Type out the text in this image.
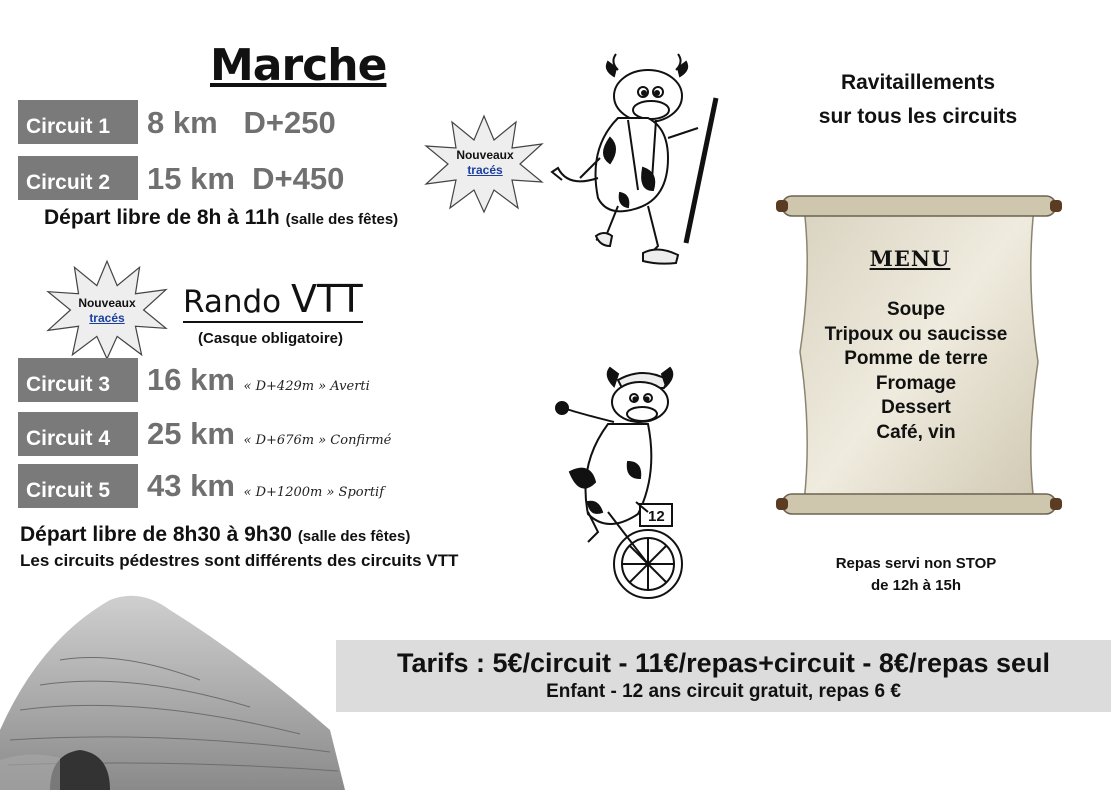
Marche
Circuit 1	8 km   D+250
Circuit 2	15 km  D+450
Départ libre de 8h à 11h (salle des fêtes)
Nouveaux
tracés
Rando VTT
(Casque obligatoire)
Nouveaux
tracés
Circuit 3	16 km « D+429m » Averti
Circuit 4	25 km « D+676m » Confirmé
Circuit 5	43 km « D+1200m » Sportif
Départ libre de 8h30 à 9h30 (salle des fêtes)
Les circuits pédestres sont différents des circuits VTT
12
Ravitaillements
sur tous les circuits
MENU
Soupe
Tripoux ou saucisse
Pomme de terre
Fromage
Dessert
Café, vin
Repas servi non STOP
de 12h à 15h
Tarifs : 5€/circuit - 11€/repas+circuit - 8€/repas seul
Enfant - 12 ans circuit gratuit, repas 6 €
